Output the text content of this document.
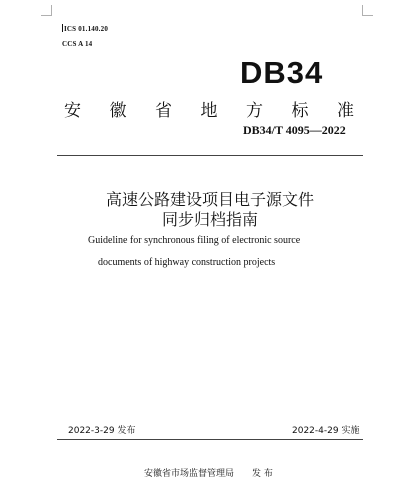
ICS 01.140.20
CCS A 14
DB34
安 徽 省 地 方 标 准
DB34/T 4095—2022
高速公路建设项目电子源文件
同步归档指南
Guideline for synchronous filing of electronic source
documents of highway construction projects
2022-3-29 发布	2022-4-29 实施
安徽省市场监督管理局 发 布
